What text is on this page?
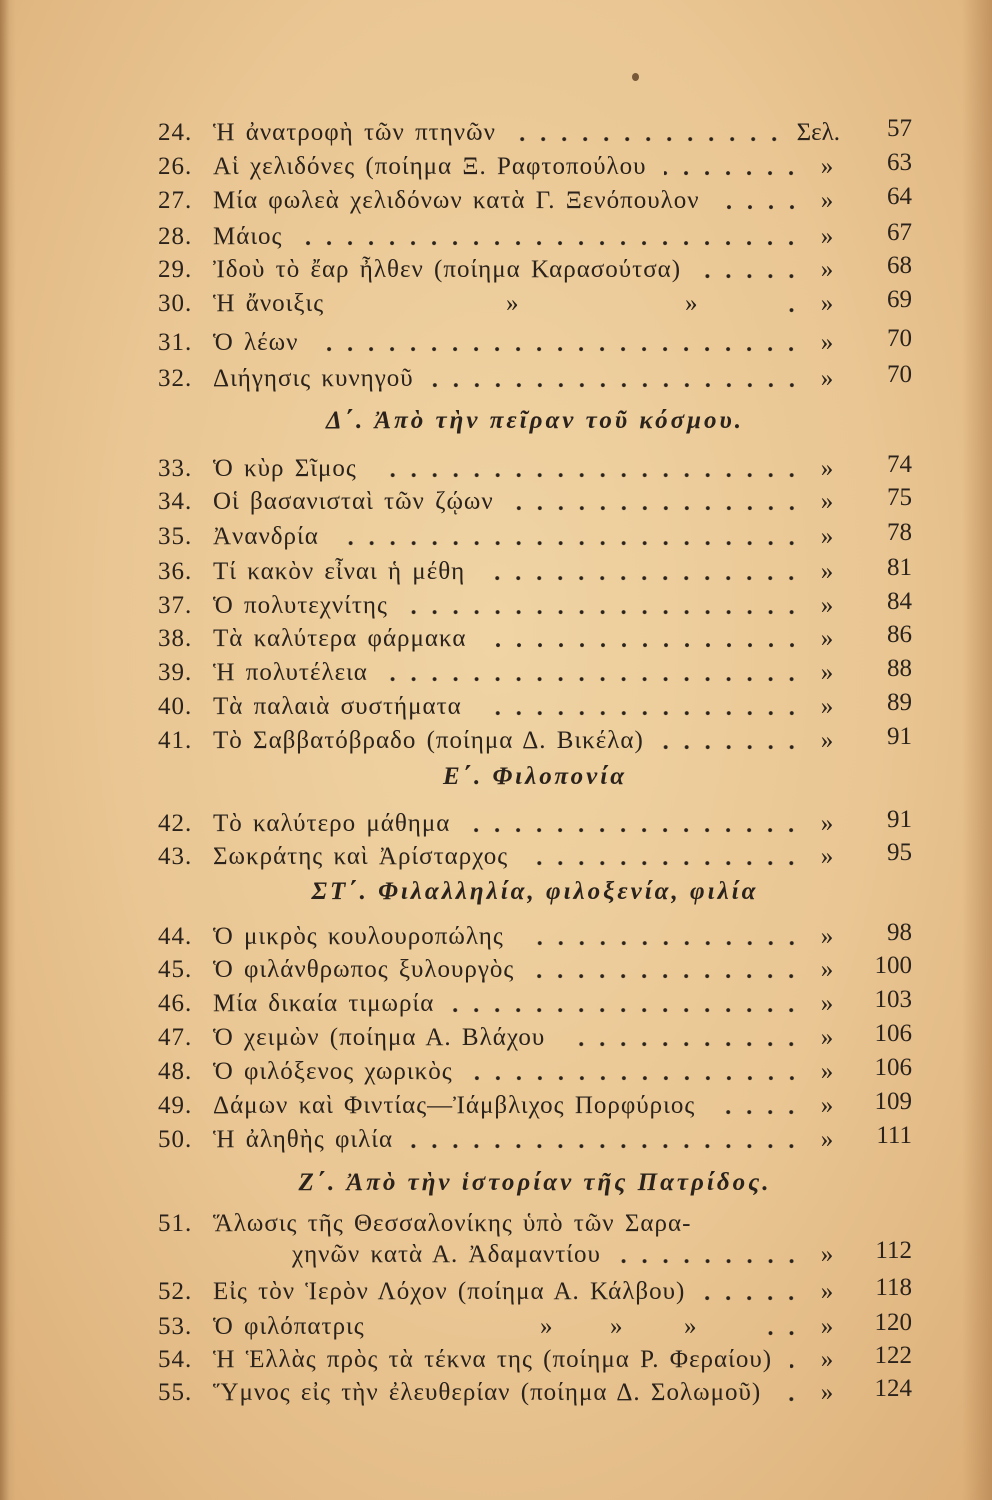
24. Ἡ ἀνατροφὴ τῶν πτηνῶν	Σελ.	57
26. Αἱ χελιδόνες (ποίημα Ξ. Ραφτοπούλου	»	63
27. Μία φωλεὰ χελιδόνων κατὰ Γ. Ξενόπουλον	»	64
28. Μάιος	»	67
29. Ἰδοὺ τὸ ἔαρ ἦλθεν (ποίημα Καρασούτσα)	»	68
30. Ἡ ἄνοιξις	»	»	»	69
31. Ὁ λέων	»	70
32. Διήγησις κυνηγοῦ	»	70
Δ΄. Ἀπὸ τὴν πεῖραν τοῦ κόσμου.
33. Ὁ κὺρ Σῖμος	»	74
34. Οἱ βασανισταὶ τῶν ζῴων	»	75
35. Ἀνανδρία	»	78
36. Τί κακὸν εἶναι ἡ μέθη	»	81
37. Ὁ πολυτεχνίτης	»	84
38. Τὰ καλύτερα φάρμακα	»	86
39. Ἡ πολυτέλεια	»	88
40. Τὰ παλαιὰ συστήματα	»	89
41. Τὸ Σαββατόβραδο (ποίημα Δ. Βικέλα)	»	91
Ε΄. Φιλοπονία
42. Τὸ καλύτερο μάθημα	»	91
43. Σωκράτης καὶ Ἀρίσταρχος	»	95
ΣΤ΄. Φιλαλληλία, φιλοξενία, φιλία
44. Ὁ μικρὸς κουλουροπώλης	»	98
45. Ὁ φιλάνθρωπος ξυλουργὸς	»	100
46. Μία δικαία τιμωρία	»	103
47. Ὁ χειμὼν (ποίημα Α. Βλάχου	»	106
48. Ὁ φιλόξενος χωρικὸς	»	106
49. Δάμων καὶ Φιντίας—Ἰάμβλιχος Πορφύριος	»	109
50. Ἡ ἀληθὴς φιλία	»	111
Ζ΄. Ἀπὸ τὴν ἱστορίαν τῆς Πατρίδος.
51. Ἅλωσις τῆς Θεσσαλονίκης ὑπὸ τῶν Σαρα-
χηνῶν κατὰ Α. Ἀδαμαντίου	»	112
52. Εἰς τὸν Ἱερὸν Λόχον (ποίημα Α. Κάλβου)	»	118
53. Ὁ φιλόπατρις	» » »	»	120
54. Ἡ Ἑλλὰς πρὸς τὰ τέκνα της (ποίημα Ρ. Φεραίου)	»	122
55. Ὕμνος εἰς τὴν ἐλευθερίαν (ποίημα Δ. Σολωμοῦ)	»	124
